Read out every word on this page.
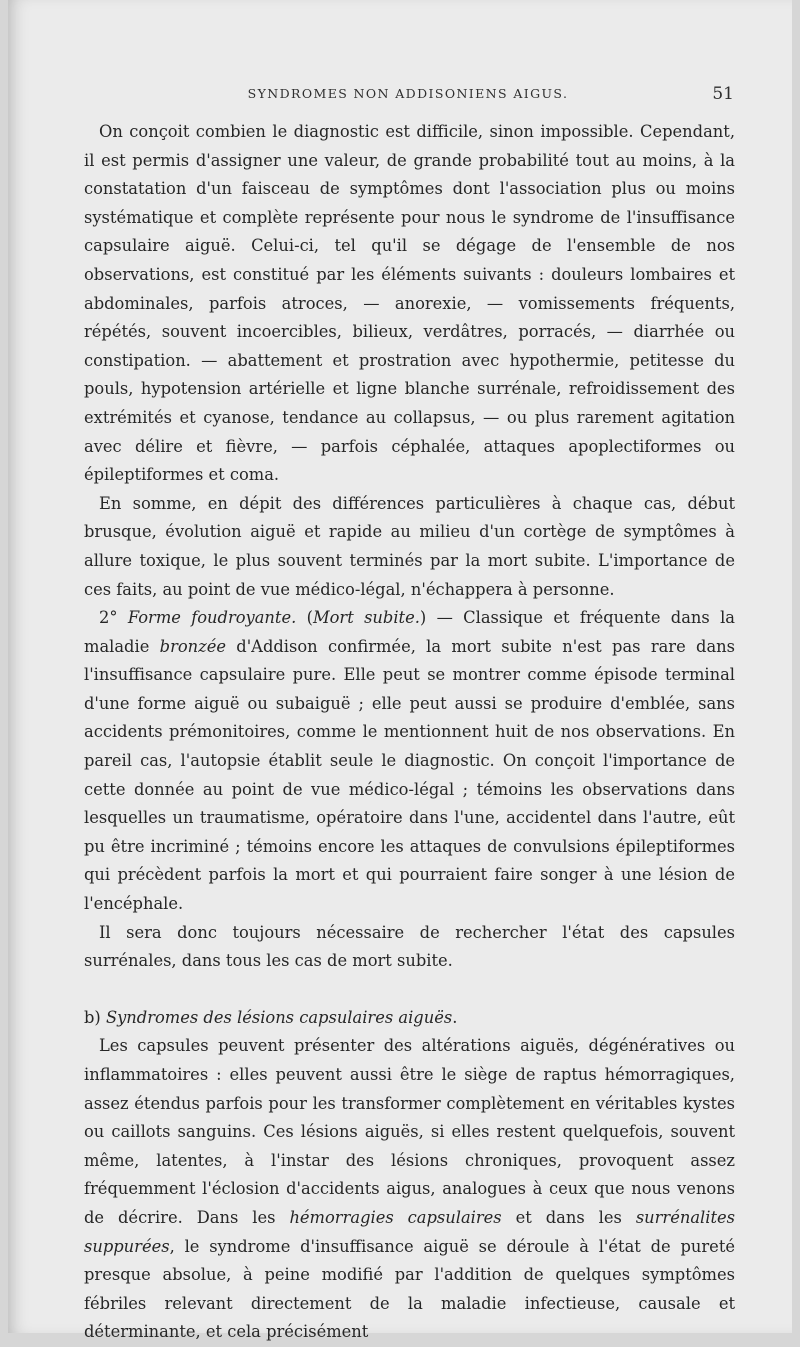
SYNDROMES NON ADDISONIENS AIGUS.	51

On conçoit combien le diagnostic est difficile, sinon impossible. Cependant, il est permis d'assigner une valeur, de grande probabilité tout au moins, à la constatation d'un faisceau de symptômes dont l'association plus ou moins systématique et complète représente pour nous le syndrome de l'insuffisance capsulaire aiguë. Celui-ci, tel qu'il se dégage de l'ensemble de nos observations, est constitué par les éléments suivants : douleurs lombaires et abdominales, parfois atroces, — anorexie, — vomissements fréquents, répétés, souvent incoercibles, bilieux, verdâtres, porracés, — diarrhée ou constipation. — abattement et prostration avec hypothermie, petitesse du pouls, hypotension artérielle et ligne blanche surrénale, refroidissement des extrémités et cyanose, tendance au collapsus, — ou plus rarement agitation avec délire et fièvre, — parfois céphalée, attaques apoplectiformes ou épileptiformes et coma.

En somme, en dépit des différences particulières à chaque cas, début brusque, évolution aiguë et rapide au milieu d'un cortège de symptômes à allure toxique, le plus souvent terminés par la mort subite. L'importance de ces faits, au point de vue médico-légal, n'échappera à personne.

2° Forme foudroyante. (Mort subite.) — Classique et fréquente dans la maladie bronzée d'Addison confirmée, la mort subite n'est pas rare dans l'insuffisance capsulaire pure. Elle peut se montrer comme épisode terminal d'une forme aiguë ou subaiguë ; elle peut aussi se produire d'emblée, sans accidents prémonitoires, comme le mentionnent huit de nos observations. En pareil cas, l'autopsie établit seule le diagnostic. On conçoit l'importance de cette donnée au point de vue médico-légal ; témoins les observations dans lesquelles un traumatisme, opératoire dans l'une, accidentel dans l'autre, eût pu être incriminé ; témoins encore les attaques de convulsions épileptiformes qui précèdent parfois la mort et qui pourraient faire songer à une lésion de l'encéphale.

Il sera donc toujours nécessaire de rechercher l'état des capsules surrénales, dans tous les cas de mort subite.

b) Syndromes des lésions capsulaires aiguës.

Les capsules peuvent présenter des altérations aiguës, dégénératives ou inflammatoires : elles peuvent aussi être le siège de raptus hémorragiques, assez étendus parfois pour les transformer complètement en véritables kystes ou caillots sanguins. Ces lésions aiguës, si elles restent quelquefois, souvent même, latentes, à l'instar des lésions chroniques, provoquent assez fréquemment l'éclosion d'accidents aigus, analogues à ceux que nous venons de décrire. Dans les hémorragies capsulaires et dans les surrénalites suppurées, le syndrome d'insuffisance aiguë se déroule à l'état de pureté presque absolue, à peine modifié par l'addition de quelques symptômes fébriles relevant directement de la maladie infectieuse, causale et déterminante, et cela précisément
